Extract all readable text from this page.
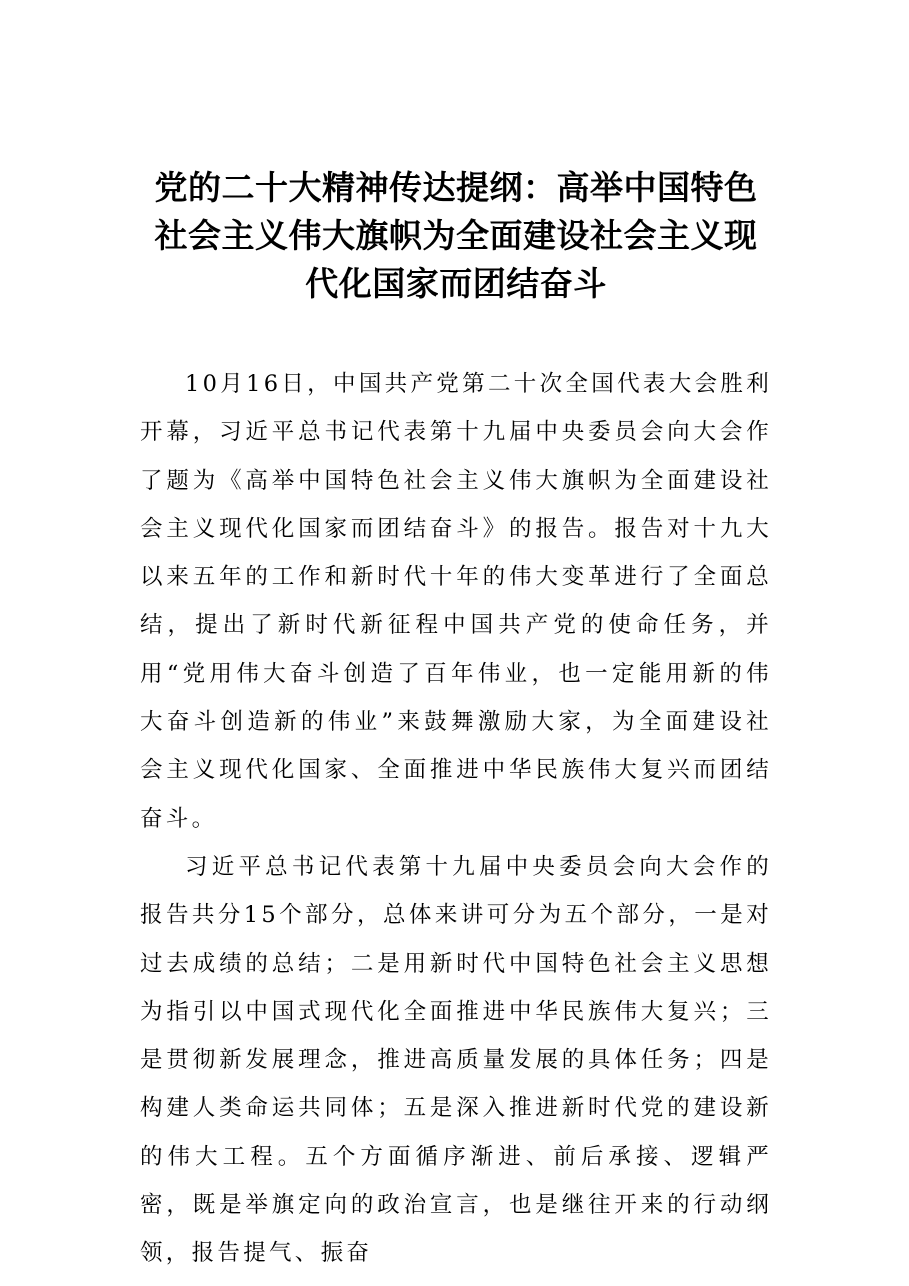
党的二十大精神传达提纲：高举中国特色
社会主义伟大旗帜为全面建设社会主义现
代化国家而团结奋斗

10月16日，中国共产党第二十次全国代表大会胜利开幕，习近平总书记代表第十九届中央委员会向大会作了题为《高举中国特色社会主义伟大旗帜为全面建设社会主义现代化国家而团结奋斗》的报告。报告对十九大以来五年的工作和新时代十年的伟大变革进行了全面总结，提出了新时代新征程中国共产党的使命任务，并用“党用伟大奋斗创造了百年伟业，也一定能用新的伟大奋斗创造新的伟业”来鼓舞激励大家，为全面建设社会主义现代化国家、全面推进中华民族伟大复兴而团结奋斗。

习近平总书记代表第十九届中央委员会向大会作的报告共分15个部分，总体来讲可分为五个部分，一是对过去成绩的总结；二是用新时代中国特色社会主义思想为指引以中国式现代化全面推进中华民族伟大复兴；三是贯彻新发展理念，推进高质量发展的具体任务；四是构建人类命运共同体；五是深入推进新时代党的建设新的伟大工程。五个方面循序渐进、前后承接、逻辑严密，既是举旗定向的政治宣言，也是继往开来的行动纲领，报告提气、振奋
